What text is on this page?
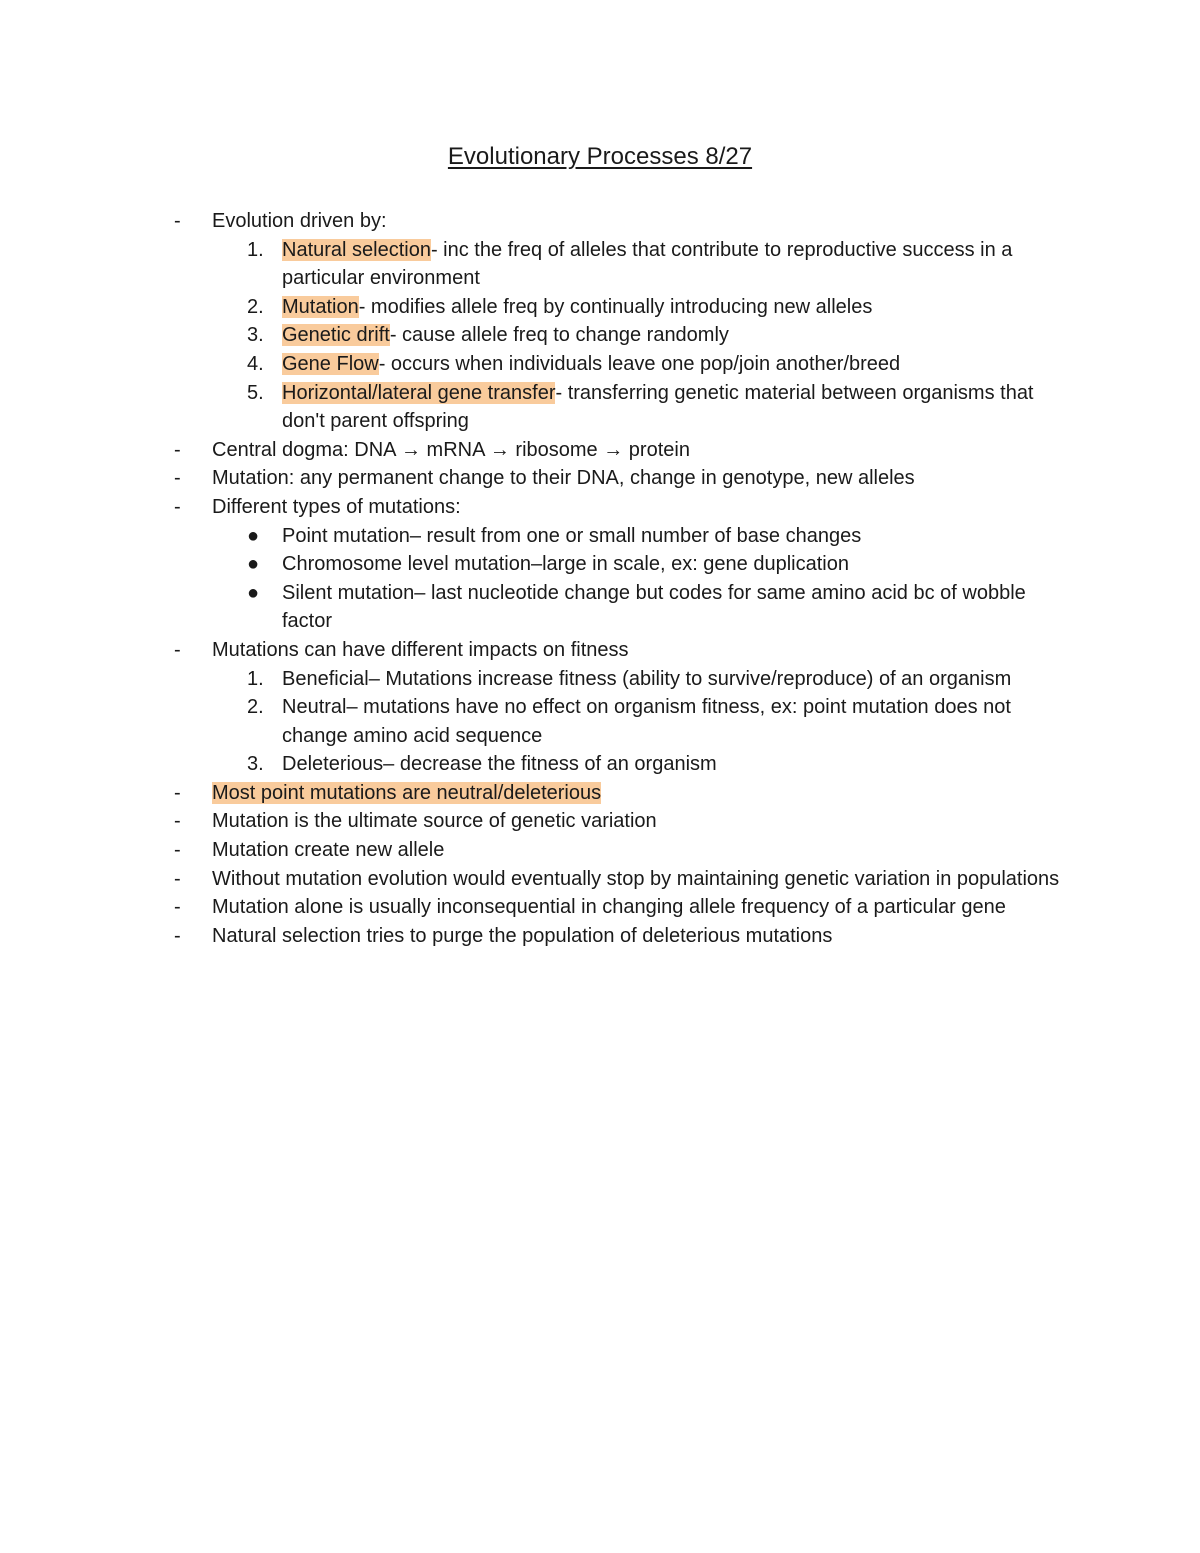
Evolutionary Processes 8/27
- Evolution driven by:
1. Natural selection- inc the freq of alleles that contribute to reproductive success in a particular environment
2. Mutation- modifies allele freq by continually introducing new alleles
3. Genetic drift- cause allele freq to change randomly
4. Gene Flow- occurs when individuals leave one pop/join another/breed
5. Horizontal/lateral gene transfer- transferring genetic material between organisms that don't parent offspring
- Central dogma: DNA → mRNA → ribosome → protein
- Mutation: any permanent change to their DNA, change in genotype, new alleles
- Different types of mutations:
● Point mutation– result from one or small number of base changes
● Chromosome level mutation–large in scale, ex: gene duplication
● Silent mutation– last nucleotide change but codes for same amino acid bc of wobble factor
- Mutations can have different impacts on fitness
1. Beneficial– Mutations increase fitness (ability to survive/reproduce) of an organism
2. Neutral– mutations have no effect on organism fitness, ex: point mutation does not change amino acid sequence
3. Deleterious– decrease the fitness of an organism
- Most point mutations are neutral/deleterious
- Mutation is the ultimate source of genetic variation
- Mutation create new allele
- Without mutation evolution would eventually stop by maintaining genetic variation in populations
- Mutation alone is usually inconsequential in changing allele frequency of a particular gene
- Natural selection tries to purge the population of deleterious mutations
